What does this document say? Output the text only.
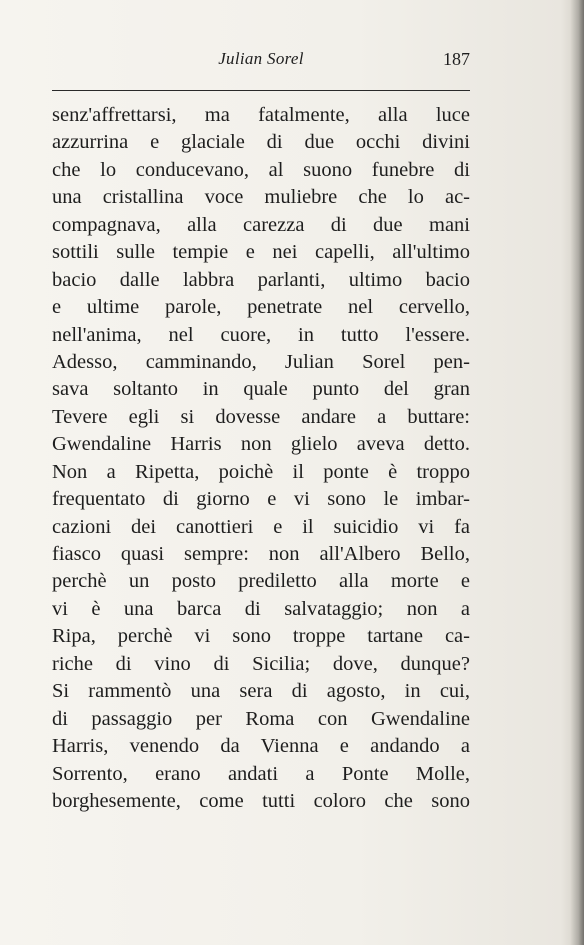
Julian Sorel	187
senz'affrettarsi, ma fatalmente, alla luce
azzurrina e glaciale di due occhi divini
che lo conducevano, al suono funebre di
una cristallina voce muliebre che lo ac-
compagnava, alla carezza di due mani
sottili sulle tempie e nei capelli, all'ultimo
bacio dalle labbra parlanti, ultimo bacio
e ultime parole, penetrate nel cervello,
nell'anima, nel cuore, in tutto l'essere.
Adesso, camminando, Julian Sorel pen-
sava soltanto in quale punto del gran
Tevere egli si dovesse andare a buttare:
Gwendaline Harris non glielo aveva detto.
Non a Ripetta, poichè il ponte è troppo
frequentato di giorno e vi sono le imbar-
cazioni dei canottieri e il suicidio vi fa
fiasco quasi sempre: non all'Albero Bello,
perchè un posto prediletto alla morte e
vi è una barca di salvataggio; non a
Ripa, perchè vi sono troppe tartane ca-
riche di vino di Sicilia; dove, dunque?
Si rammentò una sera di agosto, in cui,
di passaggio per Roma con Gwendaline
Harris, venendo da Vienna e andando a
Sorrento, erano andati a Ponte Molle,
borghesemente, come tutti coloro che sono
